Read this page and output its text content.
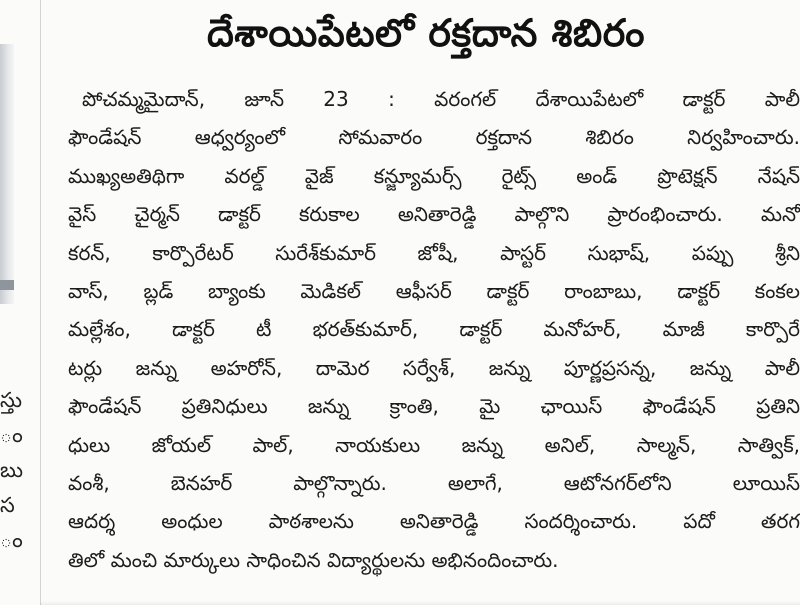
స్తు
ం
బు
స
ం
దేశాయిపేటలో రక్తదాన శిబిరం
పోచమ్మమైదాన్, జూన్ 23 : వరంగల్ దేశాయిపేటలో డాక్టర్ పాలీ
ఫౌండేషన్ ఆధ్వర్యంలో సోమవారం రక్తదాన శిబిరం నిర్వహించారు.
ముఖ్యఅతిథిగా వరల్డ్ వైజ్ కన్జ్యూమర్స్ రైట్స్ అండ్ ప్రొటెక్షన్ నేషన్
వైస్ చైర్మన్ డాక్టర్ కరుకాల అనితారెడ్డి పాల్గొని ప్రారంభించారు. మనో
కరన్, కార్పొరేటర్ సురేశ్‌కుమార్ జోషీ, పాస్టర్ సుభాష్, పప్పు శ్రీని
వాస్, బ్లడ్ బ్యాంకు మెడికల్ ఆఫీసర్ డాక్టర్ రాంబాబు, డాక్టర్ కంకల
మల్లేశం, డాక్టర్ టీ భరత్‌కుమార్, డాక్టర్ మనోహర్, మాజీ కార్పొరే
టర్లు జన్ను అహరోన్, దామెర సర్వేశ్, జన్ను పూర్ణప్రసన్న, జన్ను పాలీ
ఫౌండేషన్ ప్రతినిధులు జన్ను క్రాంతి, మై ఛాయిస్ ఫౌండేషన్ ప్రతిని
ధులు జోయల్ పాల్, నాయకులు జన్ను అనిల్, సాల్మన్, సాత్విక్,
వంశీ, బెనహర్ పాల్గొన్నారు. అలాగే, ఆటోనగర్‌లోని లూయిస్
ఆదర్శ అంధుల పాఠశాలను అనితారెడ్డి సందర్శించారు. పదో తరగ
తిలో మంచి మార్కులు సాధించిన విద్యార్థులను అభినందించారు.
